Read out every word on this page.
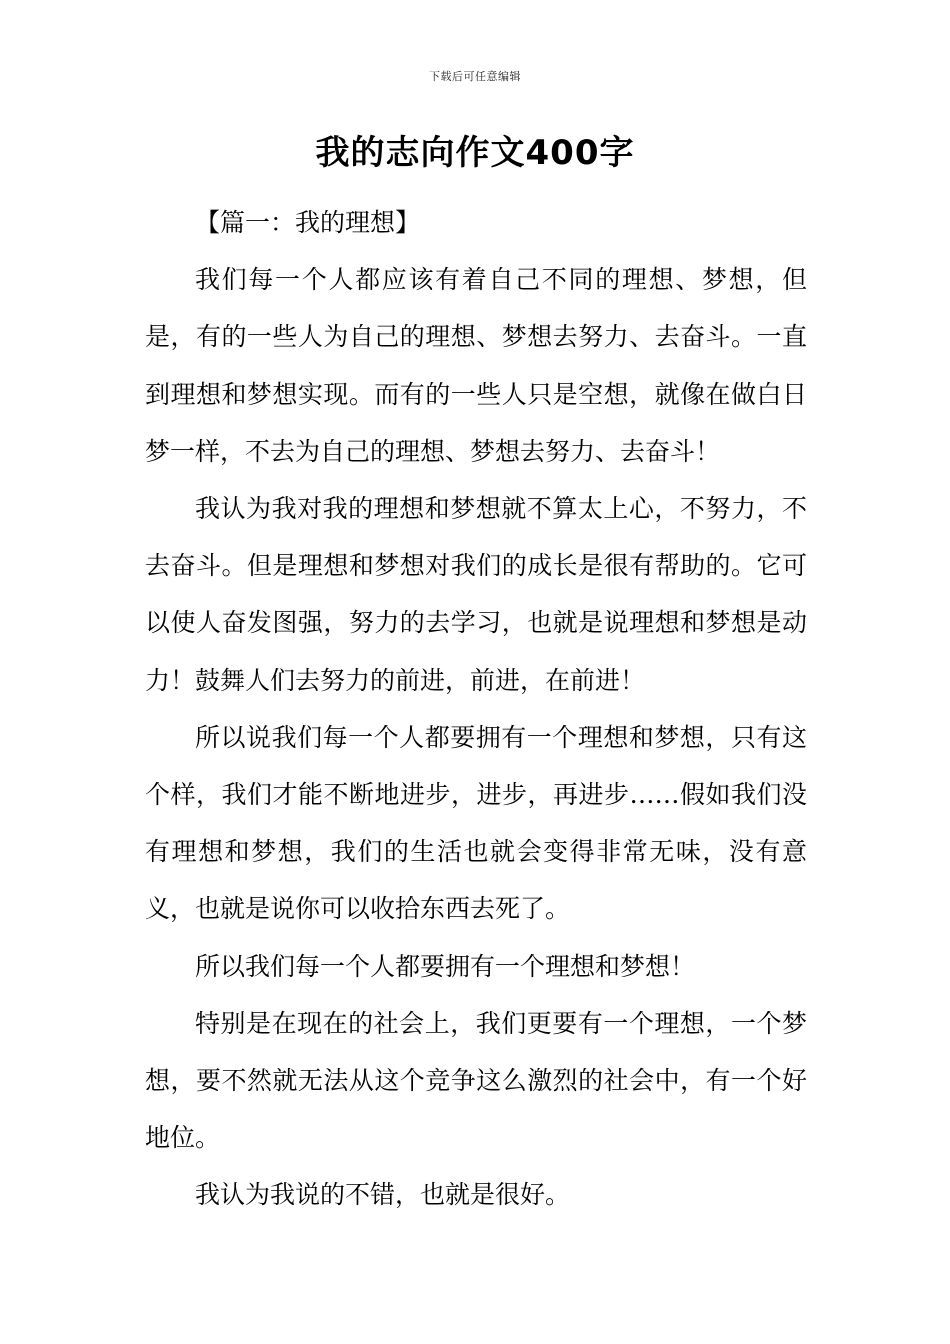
下载后可任意编辑
我的志向作文400字

【篇一：我的理想】

我们每一个人都应该有着自己不同的理想、梦想，但是，有的一些人为自己的理想、梦想去努力、去奋斗。一直到理想和梦想实现。而有的一些人只是空想，就像在做白日梦一样，不去为自己的理想、梦想去努力、去奋斗！

我认为我对我的理想和梦想就不算太上心，不努力，不去奋斗。但是理想和梦想对我们的成长是很有帮助的。它可以使人奋发图强，努力的去学习，也就是说理想和梦想是动力！鼓舞人们去努力的前进，前进，在前进！

所以说我们每一个人都要拥有一个理想和梦想，只有这个样，我们才能不断地进步，进步，再进步……假如我们没有理想和梦想，我们的生活也就会变得非常无味，没有意义，也就是说你可以收拾东西去死了。

所以我们每一个人都要拥有一个理想和梦想！

特别是在现在的社会上，我们更要有一个理想，一个梦想，要不然就无法从这个竞争这么激烈的社会中，有一个好地位。

我认为我说的不错，也就是很好。
